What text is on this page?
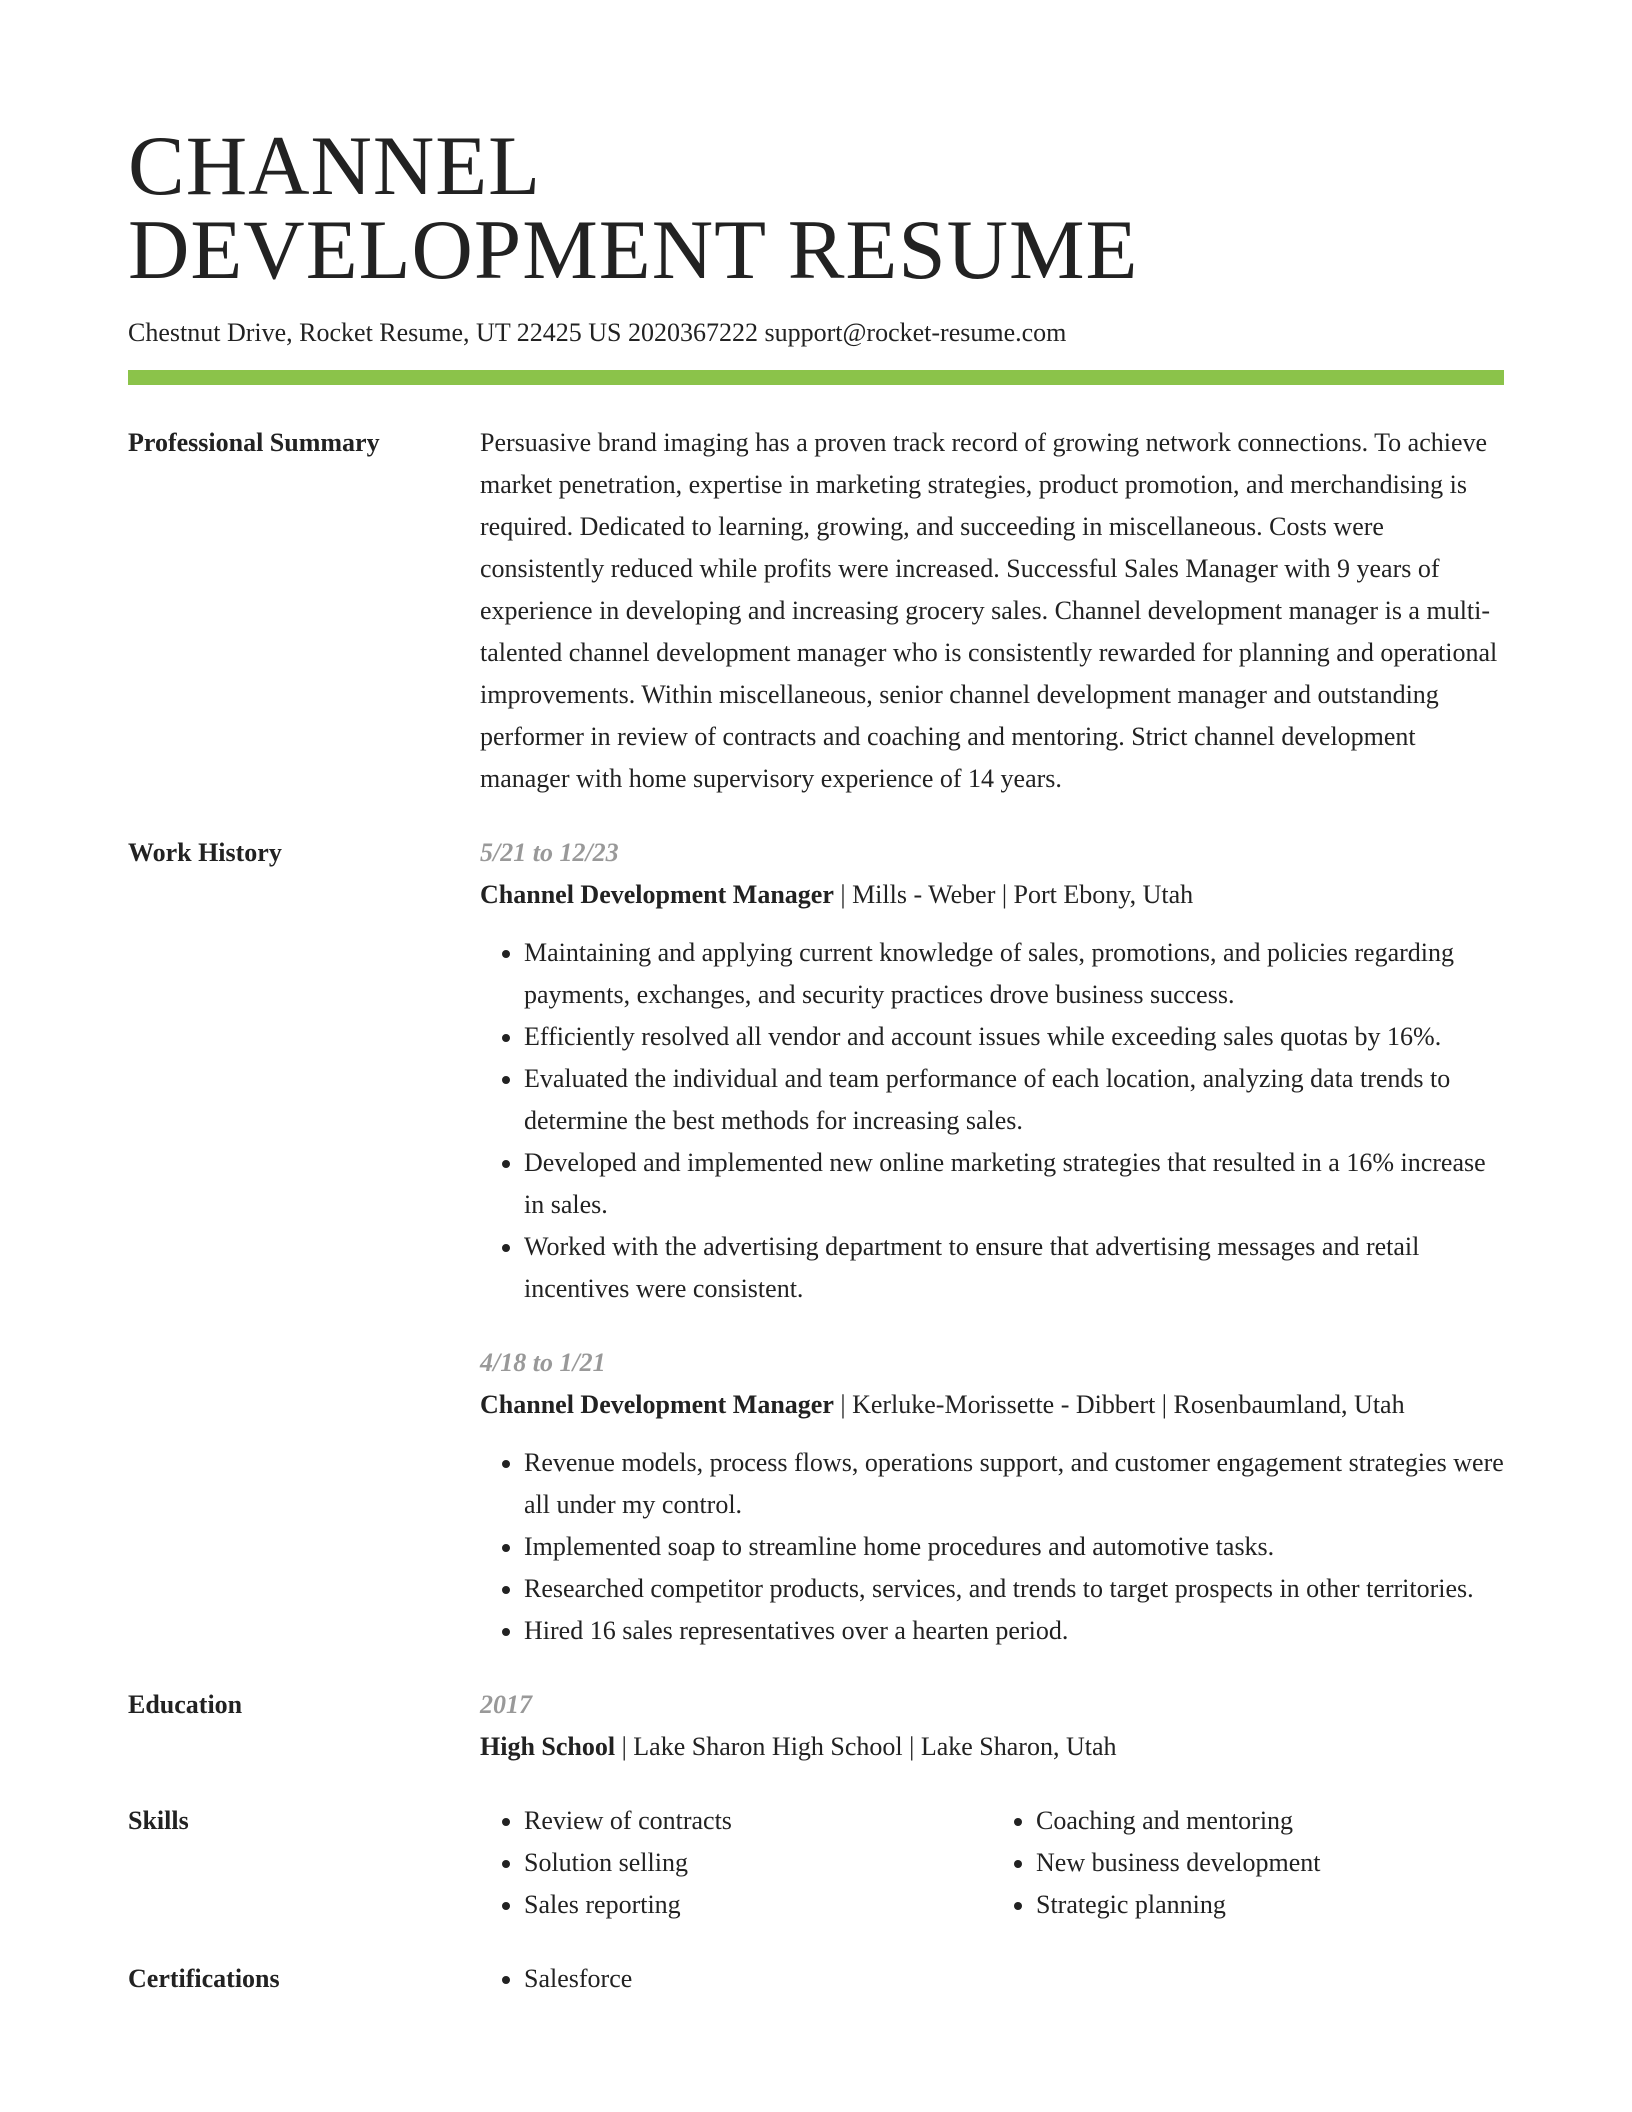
CHANNEL
DEVELOPMENT RESUME
Chestnut Drive, Rocket Resume, UT 22425 US 2020367222 support@rocket-resume.com
Professional Summary	Persuasive brand imaging has a proven track record of growing network connections. To achieve market penetration, expertise in marketing strategies, product promotion, and merchandising is required. Dedicated to learning, growing, and succeeding in miscellaneous. Costs were consistently reduced while profits were increased. Successful Sales Manager with 9 years of experience in developing and increasing grocery sales. Channel development manager is a multi-talented channel development manager who is consistently rewarded for planning and operational improvements. Within miscellaneous, senior channel development manager and outstanding performer in review of contracts and coaching and mentoring. Strict channel development manager with home supervisory experience of 14 years.

Work History	5/21 to 12/23
Channel Development Manager | Mills - Weber | Port Ebony, Utah
• Maintaining and applying current knowledge of sales, promotions, and policies regarding payments, exchanges, and security practices drove business success.
• Efficiently resolved all vendor and account issues while exceeding sales quotas by 16%.
• Evaluated the individual and team performance of each location, analyzing data trends to determine the best methods for increasing sales.
• Developed and implemented new online marketing strategies that resulted in a 16% increase in sales.
• Worked with the advertising department to ensure that advertising messages and retail incentives were consistent.
4/18 to 1/21
Channel Development Manager | Kerluke-Morissette - Dibbert | Rosenbaumland, Utah
• Revenue models, process flows, operations support, and customer engagement strategies were all under my control.
• Implemented soap to streamline home procedures and automotive tasks.
• Researched competitor products, services, and trends to target prospects in other territories.
• Hired 16 sales representatives over a hearten period.
Education	2017
High School | Lake Sharon High School | Lake Sharon, Utah
Skills	• Review of contracts
• Solution selling
• Sales reporting
• Coaching and mentoring
• New business development
• Strategic planning
Certifications	• Salesforce
